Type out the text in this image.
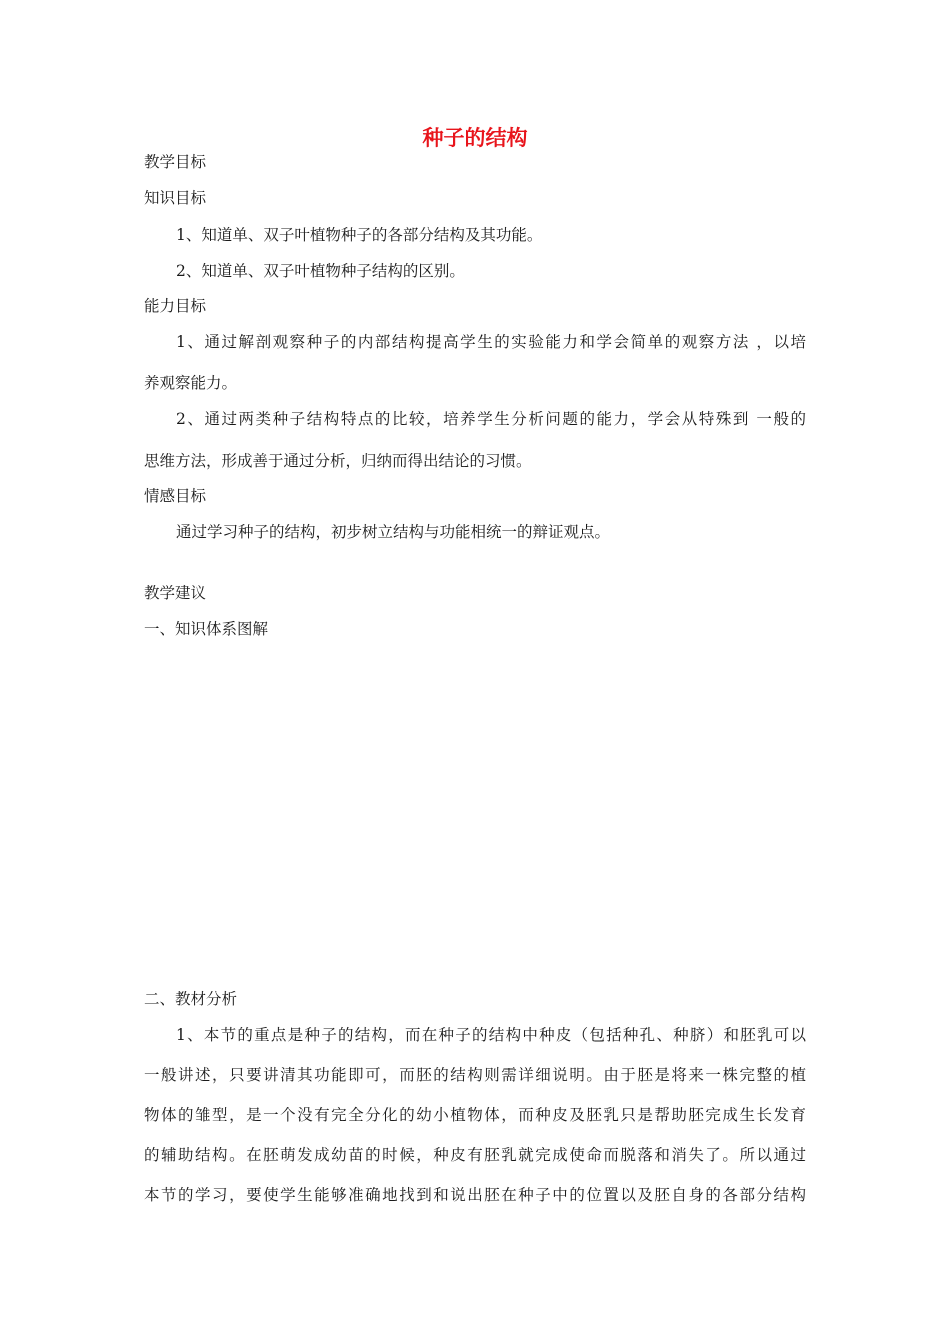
种子的结构

教学目标

知识目标

1、知道单、双子叶植物种子的各部分结构及其功能。

2、知道单、双子叶植物种子结构的区别。

能力目标

1、通过解剖观察种子的内部结构提高学生的实验能力和学会简单的观察方法 ，以培

养观察能力。

2、通过两类种子结构特点的比较，培养学生分析问题的能力，学会从特殊到 一般的

思维方法，形成善于通过分析，归纳而得出结论的习惯。

情感目标

通过学习种子的结构，初步树立结构与功能相统一的辩证观点。

教学建议

一、知识体系图解

二、教材分析

1、本节的重点是种子的结构，而在种子的结构中种皮（包括种孔、种脐）和胚乳可以

一般讲述，只要讲清其功能即可，而胚的结构则需详细说明。由于胚是将来一株完整的植

物体的雏型，是一个没有完全分化的幼小植物体，而种皮及胚乳只是帮助胚完成生长发育

的辅助结构。在胚萌发成幼苗的时候，种皮有胚乳就完成使命而脱落和消失了。所以通过

本节的学习，要使学生能够准确地找到和说出胚在种子中的位置以及胚自身的各部分结构
